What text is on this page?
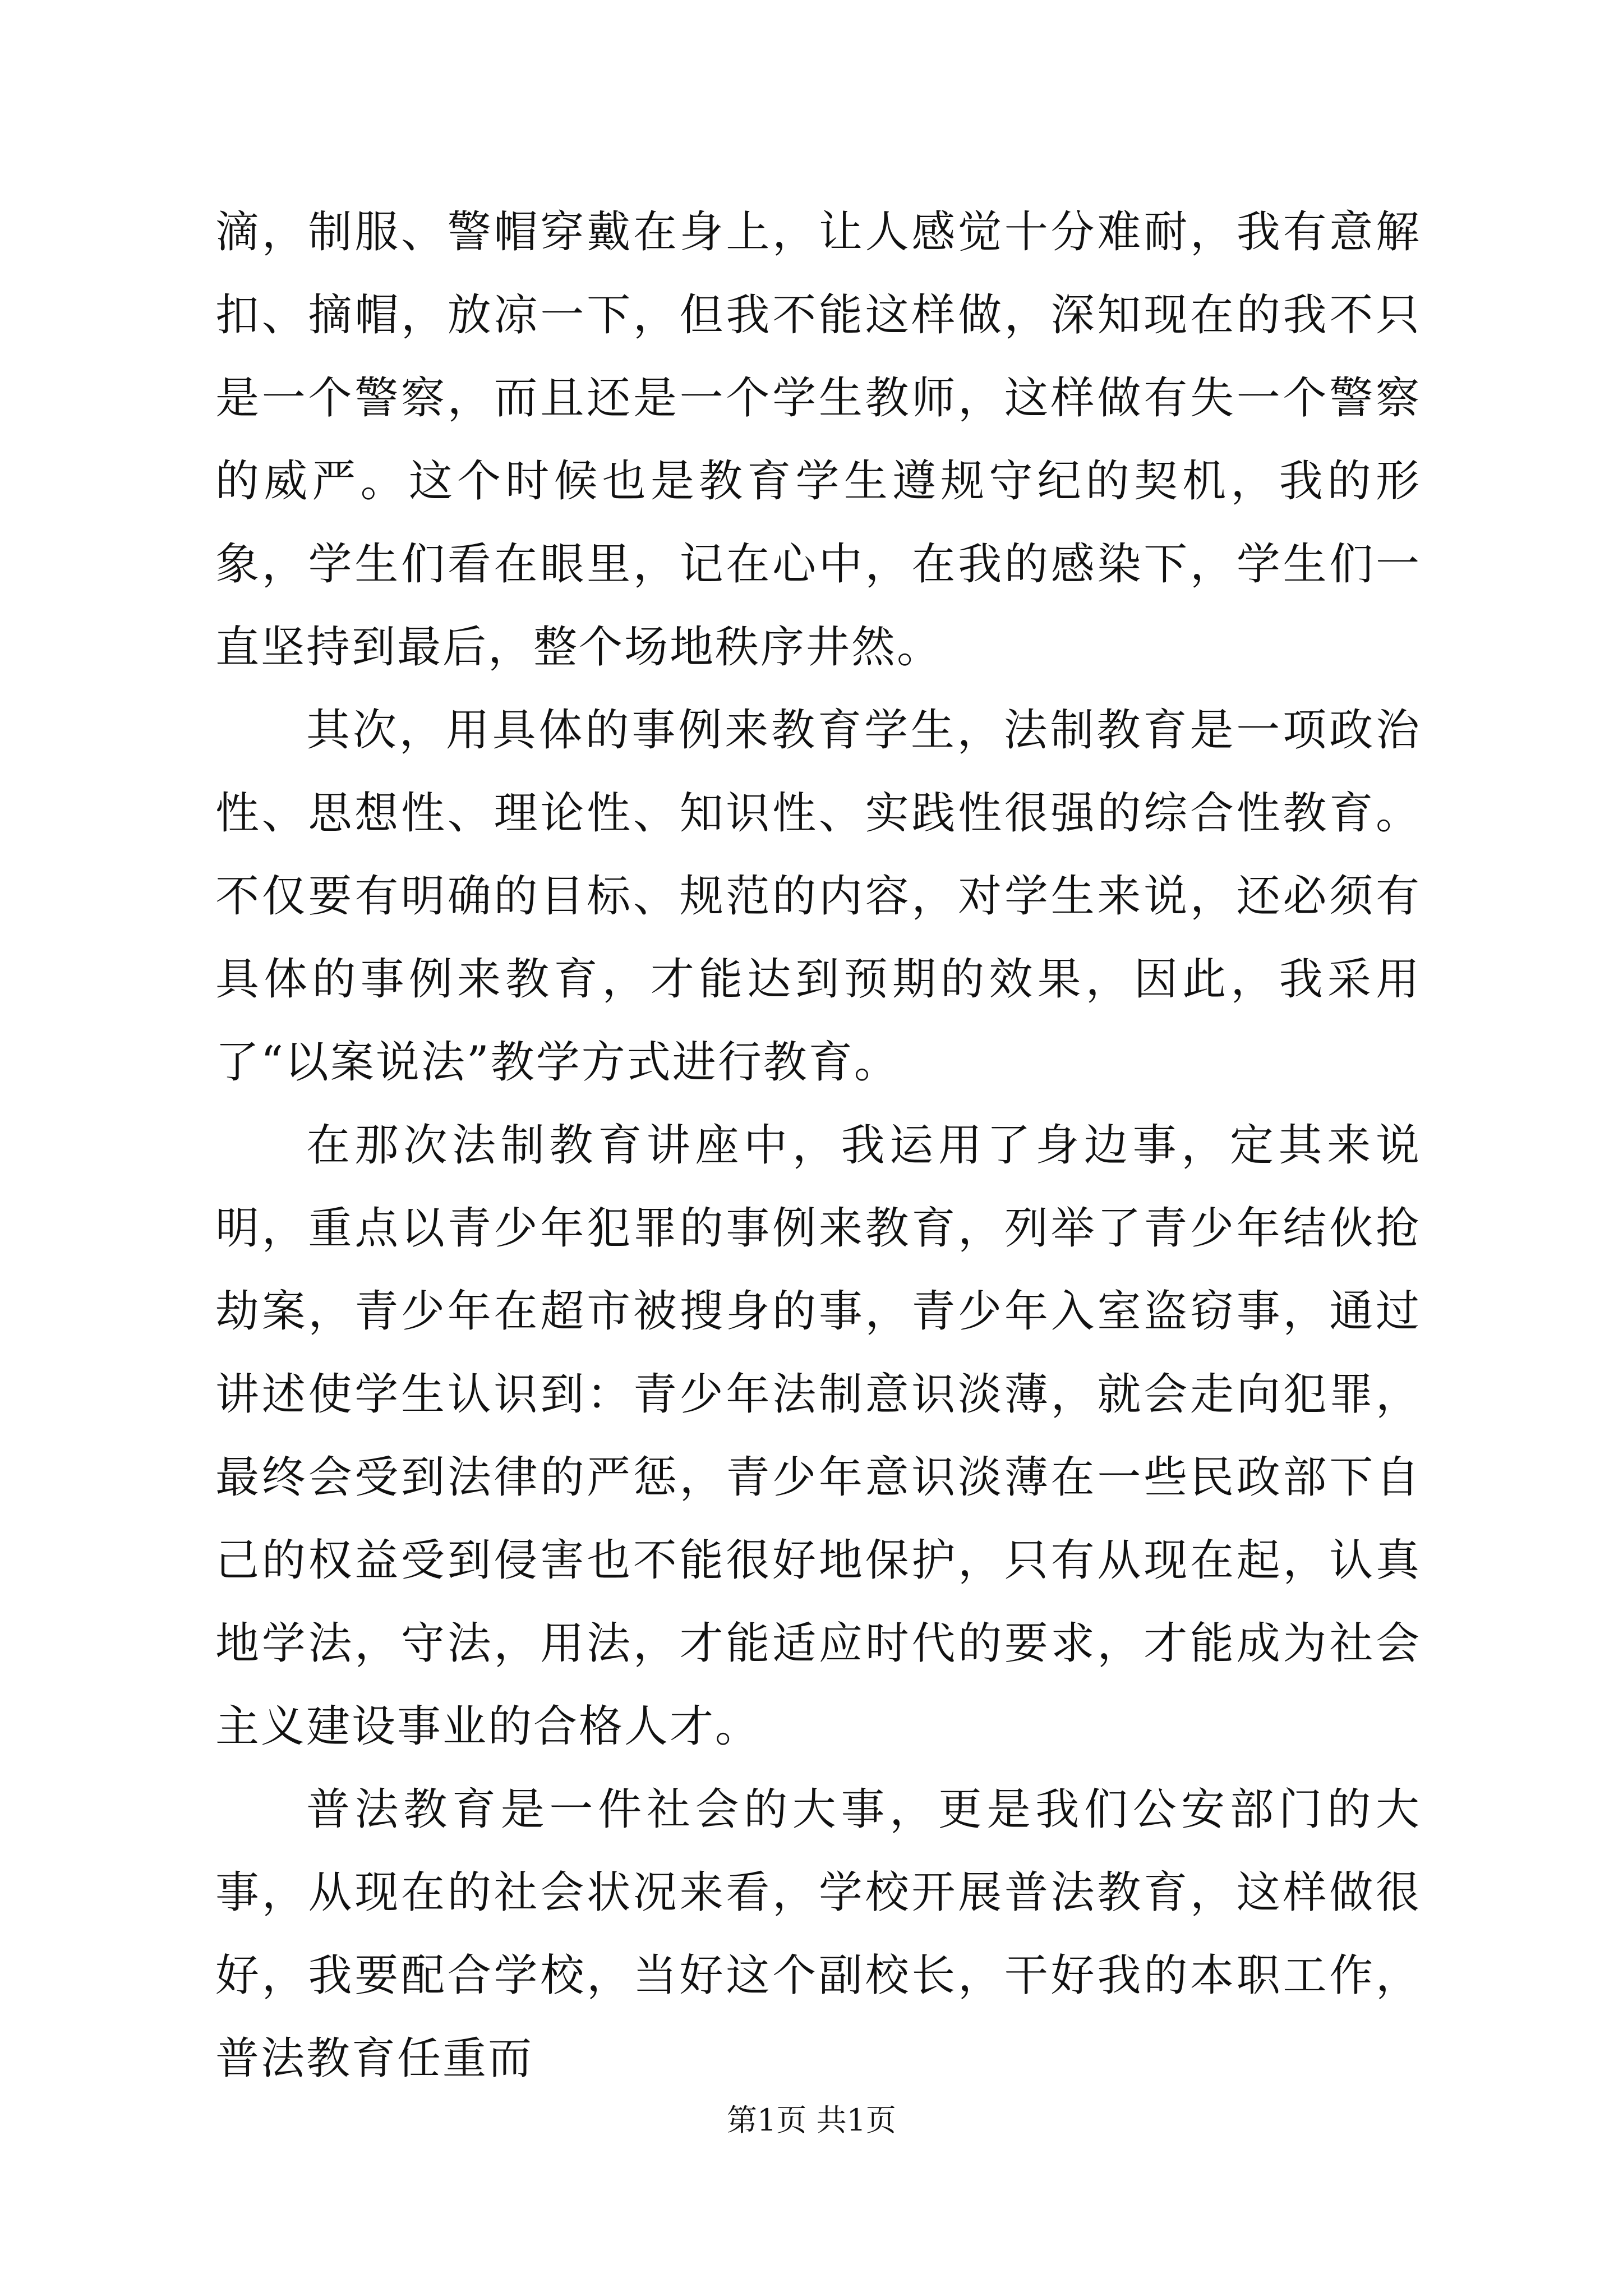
滴，制服、警帽穿戴在身上，让人感觉十分难耐，我有意解扣、摘帽，放凉一下，但我不能这样做，深知现在的我不只是一个警察，而且还是一个学生教师，这样做有失一个警察的威严。这个时候也是教育学生遵规守纪的契机，我的形象，学生们看在眼里，记在心中，在我的感染下，学生们一直坚持到最后，整个场地秩序井然。

其次，用具体的事例来教育学生，法制教育是一项政治性、思想性、理论性、知识性、实践性很强的综合性教育。不仅要有明确的目标、规范的内容，对学生来说，还必须有具体的事例来教育，才能达到预期的效果，因此，我采用了“以案说法”教学方式进行教育。

在那次法制教育讲座中，我运用了身边事，定其来说明，重点以青少年犯罪的事例来教育，列举了青少年结伙抢劫案，青少年在超市被搜身的事，青少年入室盗窃事，通过讲述使学生认识到：青少年法制意识淡薄，就会走向犯罪，最终会受到法律的严惩，青少年意识淡薄在一些民政部下自己的权益受到侵害也不能很好地保护，只有从现在起，认真地学法，守法，用法，才能适应时代的要求，才能成为社会主义建设事业的合格人才。

普法教育是一件社会的大事，更是我们公安部门的大事，从现在的社会状况来看，学校开展普法教育，这样做很好，我要配合学校，当好这个副校长，干好我的本职工作，普法教育任重而

第1页 共1页
